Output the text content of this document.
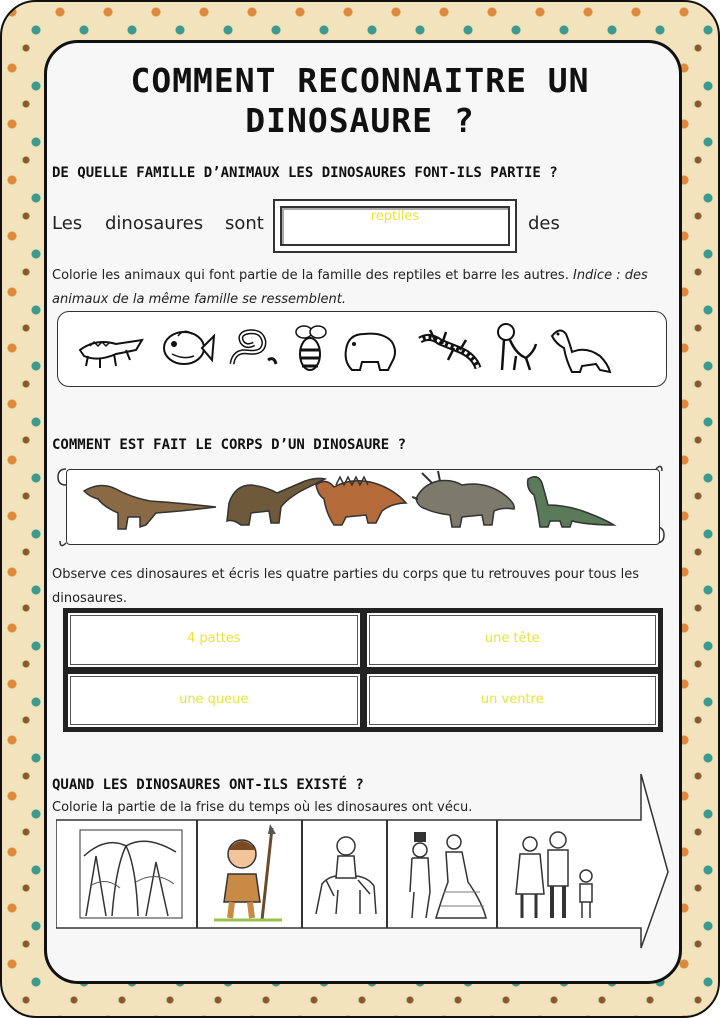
COMMENT RECONNAITRE UN
DINOSAURE ?
DE QUELLE FAMILLE D’ANIMAUX LES DINOSAURES FONT-ILS PARTIE ?
Les dinosaures sont	reptiles	des
Colorie les animaux qui font partie de la famille des reptiles et barre les autres. Indice : des animaux de la même famille se ressemblent.
COMMENT EST FAIT LE CORPS D’UN DINOSAURE ?
Observe ces dinosaures et écris les quatre parties du corps que tu retrouves pour tous les dinosaures.
4 pattes	une tête
une queue	un ventre
QUAND LES DINOSAURES ONT-ILS EXISTÉ ?
Colorie la partie de la frise du temps où les dinosaures ont vécu.
